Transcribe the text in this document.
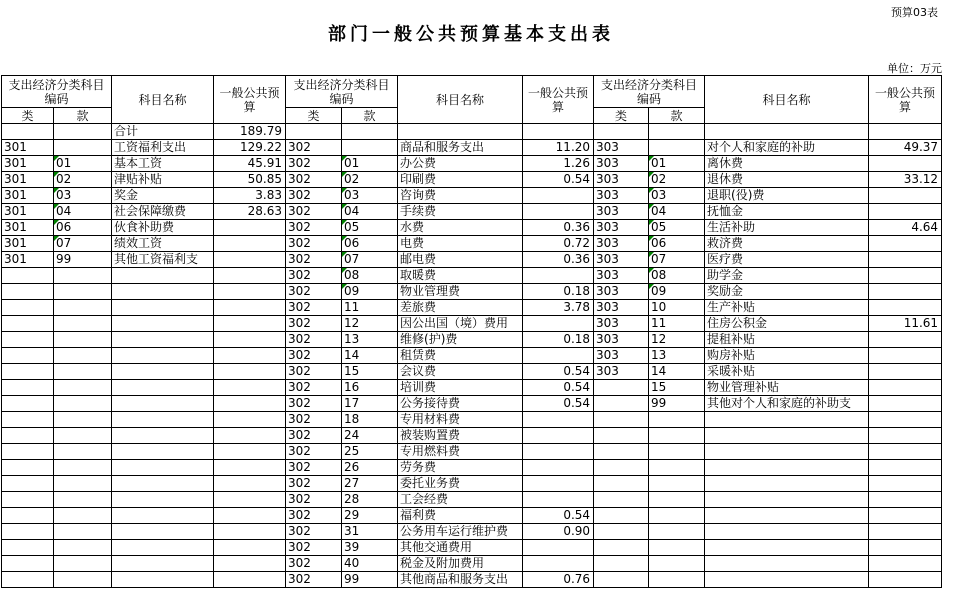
预算03表
部门一般公共预算基本支出表
单位：万元
支出经济分类科目编码		科目名称	一般公共预算	支出经济分类科目编码		科目名称	一般公共预算	支出经济分类科目编码		科目名称	一般公共预算
类	款			类	款			类	款		
		合计	189.79								
301		工资福利支出	129.22	302		商品和服务支出	11.20	303		对个人和家庭的补助	49.37
301	01	基本工资	45.91	302	01	办公费	1.26	303	01	离休费	
301	02	津贴补贴	50.85	302	02	印刷费	0.54	303	02	退休费	33.12
301	03	奖金	3.83	302	03	咨询费		303	03	退职(役)费	
301	04	社会保障缴费	28.63	302	04	手续费		303	04	抚恤金	
301	06	伙食补助费		302	05	水费	0.36	303	05	生活补助	4.64
301	07	绩效工资		302	06	电费	0.72	303	06	救济费	
301	99	其他工资福利支		302	07	邮电费	0.36	303	07	医疗费	
				302	08	取暖费		303	08	助学金	
				302	09	物业管理费	0.18	303	09	奖励金	
				302	11	差旅费	3.78	303	10	生产补贴	
				302	12	因公出国（境）费用		303	11	住房公积金	11.61
				302	13	维修(护)费	0.18	303	12	提租补贴	
				302	14	租赁费		303	13	购房补贴	
				302	15	会议费	0.54	303	14	采暖补贴	
				302	16	培训费	0.54		15	物业管理补贴	
				302	17	公务接待费	0.54		99	其他对个人和家庭的补助支	
				302	18	专用材料费					
				302	24	被装购置费					
				302	25	专用燃料费					
				302	26	劳务费					
				302	27	委托业务费					
				302	28	工会经费					
				302	29	福利费	0.54				
				302	31	公务用车运行维护费	0.90				
				302	39	其他交通费用					
				302	40	税金及附加费用					
				302	99	其他商品和服务支出	0.76				
